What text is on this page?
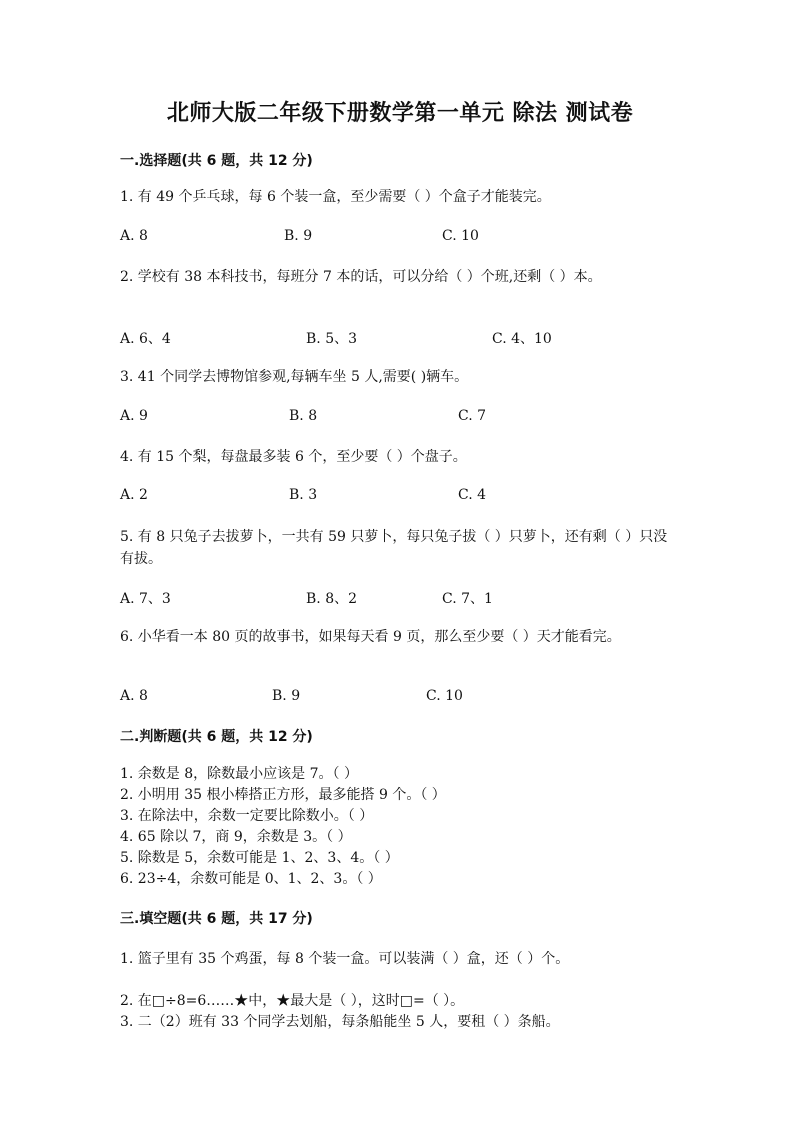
北师大版二年级下册数学第一单元 除法 测试卷
一.选择题(共 6 题，共 12 分)
1. 有 49 个乒乓球，每 6 个装一盒，至少需要（ ）个盒子才能装完。
A. 8	B. 9	C. 10
2. 学校有 38 本科技书，每班分 7 本的话，可以分给（ ）个班,还剩（ ）本。
A. 6、4	B. 5、3	C. 4、10
3. 41 个同学去博物馆参观,每辆车坐 5 人,需要( )辆车。
A. 9	B. 8	C. 7
4. 有 15 个梨，每盘最多装 6 个，至少要（ ）个盘子。
A. 2	B. 3	C. 4
5. 有 8 只兔子去拔萝卜，一共有 59 只萝卜，每只兔子拔（ ）只萝卜，还有剩（ ）只没有拔。
A. 7、3	B. 8、2	C. 7、1
6. 小华看一本 80 页的故事书，如果每天看 9 页，那么至少要（ ）天才能看完。
A. 8	B. 9	C. 10
二.判断题(共 6 题，共 12 分)
1. 余数是 8，除数最小应该是 7。（ ）
2. 小明用 35 根小棒搭正方形，最多能搭 9 个。（ ）
3. 在除法中，余数一定要比除数小。（ ）
4. 65 除以 7，商 9，余数是 3。（ ）
5. 除数是 5，余数可能是 1、2、3、4。（ ）
6. 23÷4，余数可能是 0、1、2、3。（ ）
三.填空题(共 6 题，共 17 分)
1. 篮子里有 35 个鸡蛋，每 8 个装一盒。可以装满（ ）盒，还（ ）个。
2. 在□÷8=6……★中，★最大是（ ），这时□=（ ）。
3. 二（2）班有 33 个同学去划船，每条船能坐 5 人，要租（ ）条船。
